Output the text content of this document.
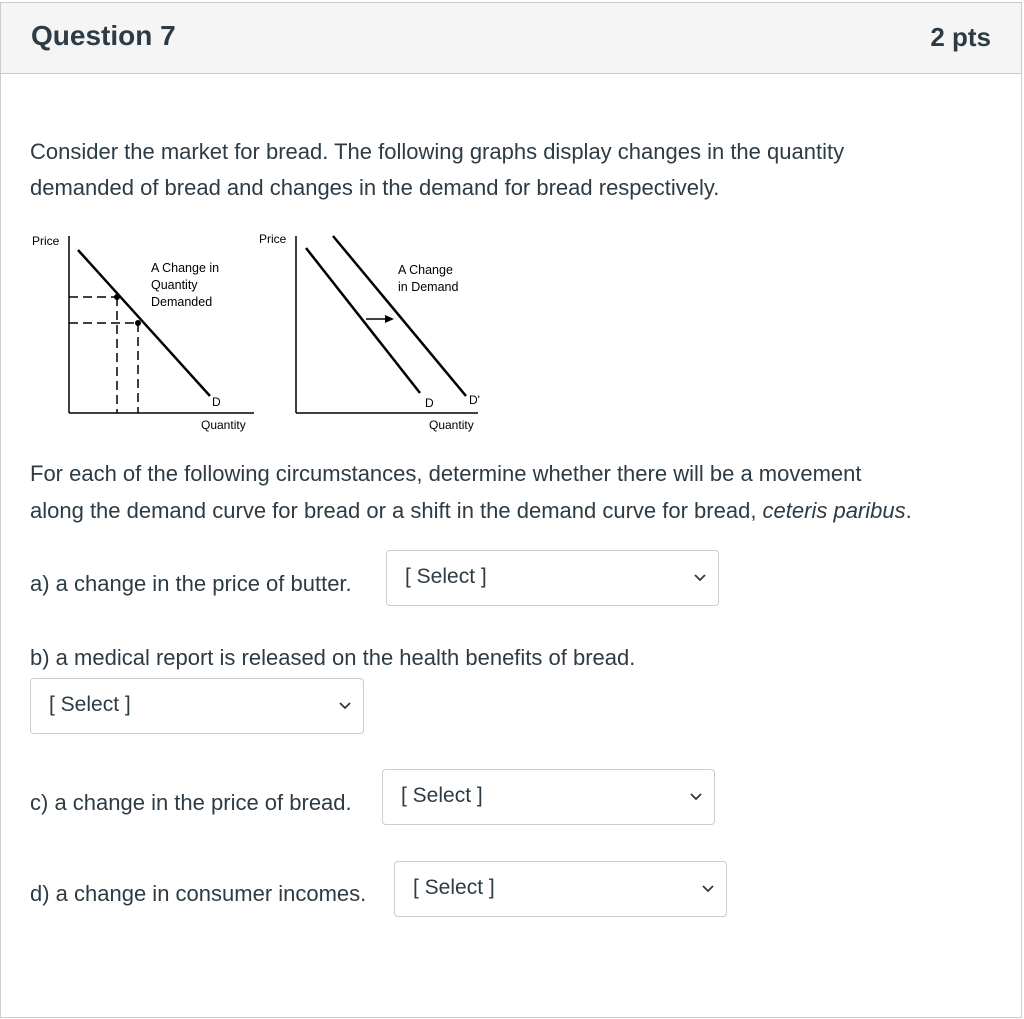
Question 7	2 pts
Consider the market for bread. The following graphs display changes in the quantity
demanded of bread and changes in the demand for bread respectively.
Price
A Change in
Quantity
Demanded
D
Quantity
Price
A Change
in Demand
D	D'
Quantity
For each of the following circumstances, determine whether there will be a movement
along the demand curve for bread or a shift in the demand curve for bread, ceteris paribus.
a) a change in the price of butter.	[ Select ]
b) a medical report is released on the health benefits of bread.
[ Select ]
c) a change in the price of bread. [ Select ]
d) a change in consumer incomes. [ Select ]
